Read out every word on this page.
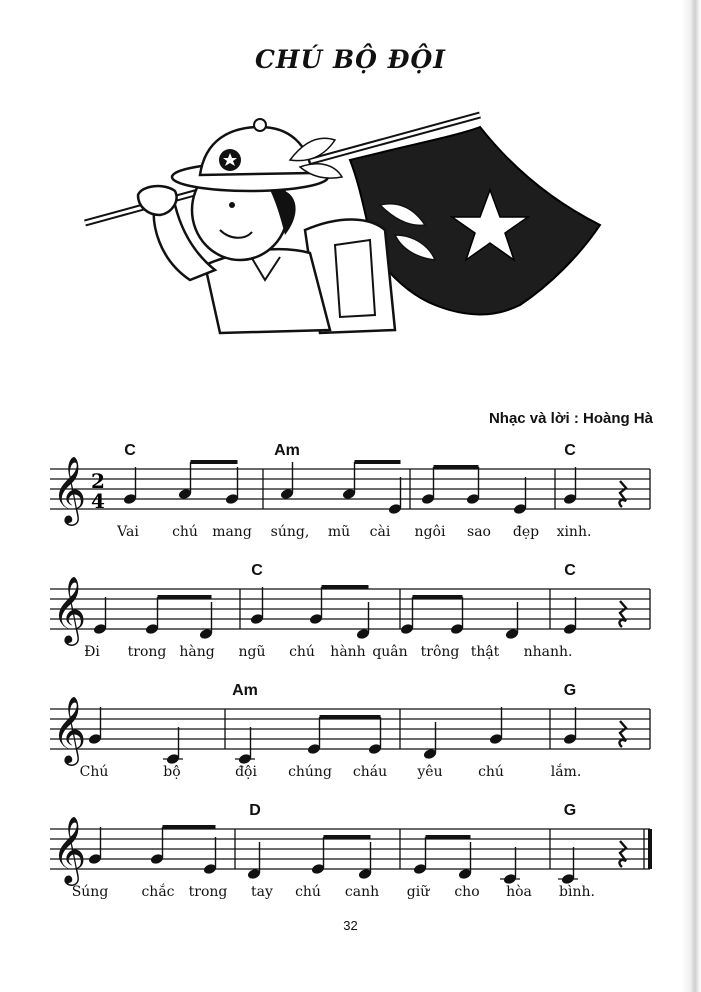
CHÚ BỘ ĐỘI
Nhạc và lời : Hoàng Hà
𝄞 2
4
C	Am	C
Vai chú mang súng, mũ cài ngôi sao đẹp xinh.
𝄞
C	C
Đi trong hàng ngũ chú hành quân trông thật nhanh.
𝄞
Am	G
Chú	bộ	đội chúng cháu yêu	chú	lắm.
𝄞
D	G
Súng chắc trong tay chú canh giữ cho hòa bình.
32
